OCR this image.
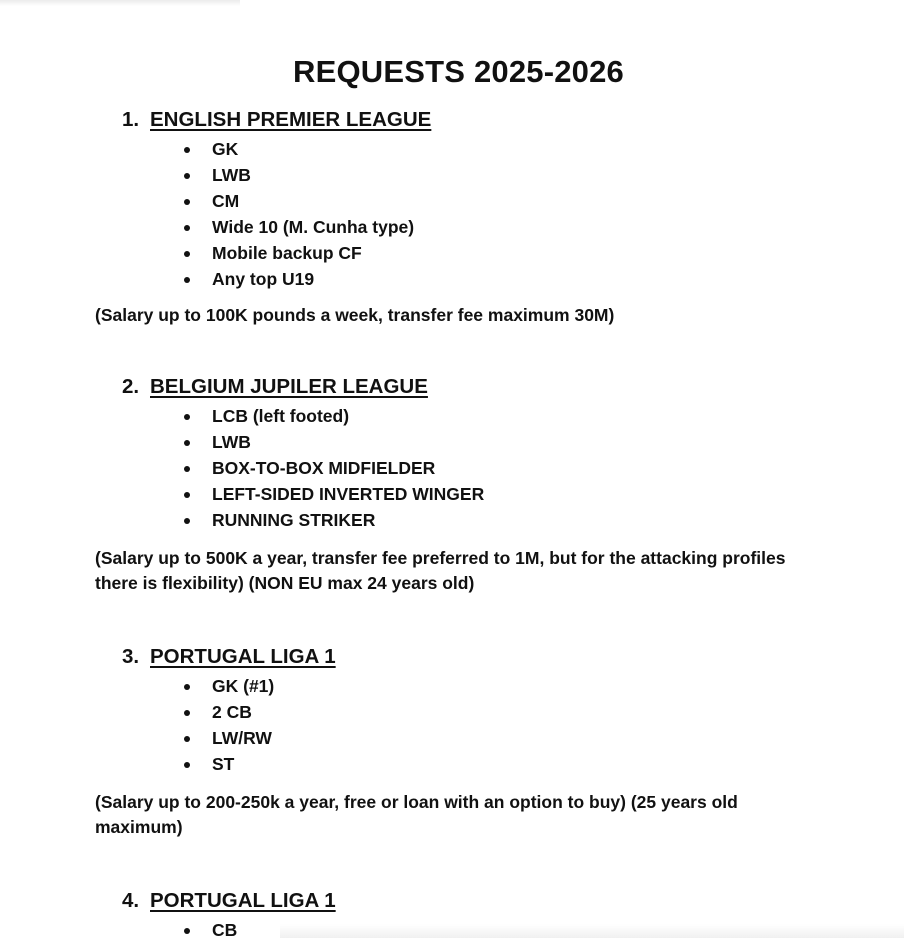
REQUESTS 2025-2026
1. ENGLISH PREMIER LEAGUE
GK
LWB
CM
Wide 10 (M. Cunha type)
Mobile backup CF
Any top U19
(Salary up to 100K pounds a week, transfer fee maximum 30M)
2. BELGIUM JUPILER LEAGUE
LCB (left footed)
LWB
BOX-TO-BOX MIDFIELDER
LEFT-SIDED INVERTED WINGER
RUNNING STRIKER
(Salary up to 500K a year, transfer fee preferred to 1M, but for the attacking profiles there is flexibility) (NON EU max 24 years old)
3. PORTUGAL LIGA 1
GK (#1)
2 CB
LW/RW
ST
(Salary up to 200-250k a year, free or loan with an option to buy) (25 years old maximum)
4. PORTUGAL LIGA 1
CB
